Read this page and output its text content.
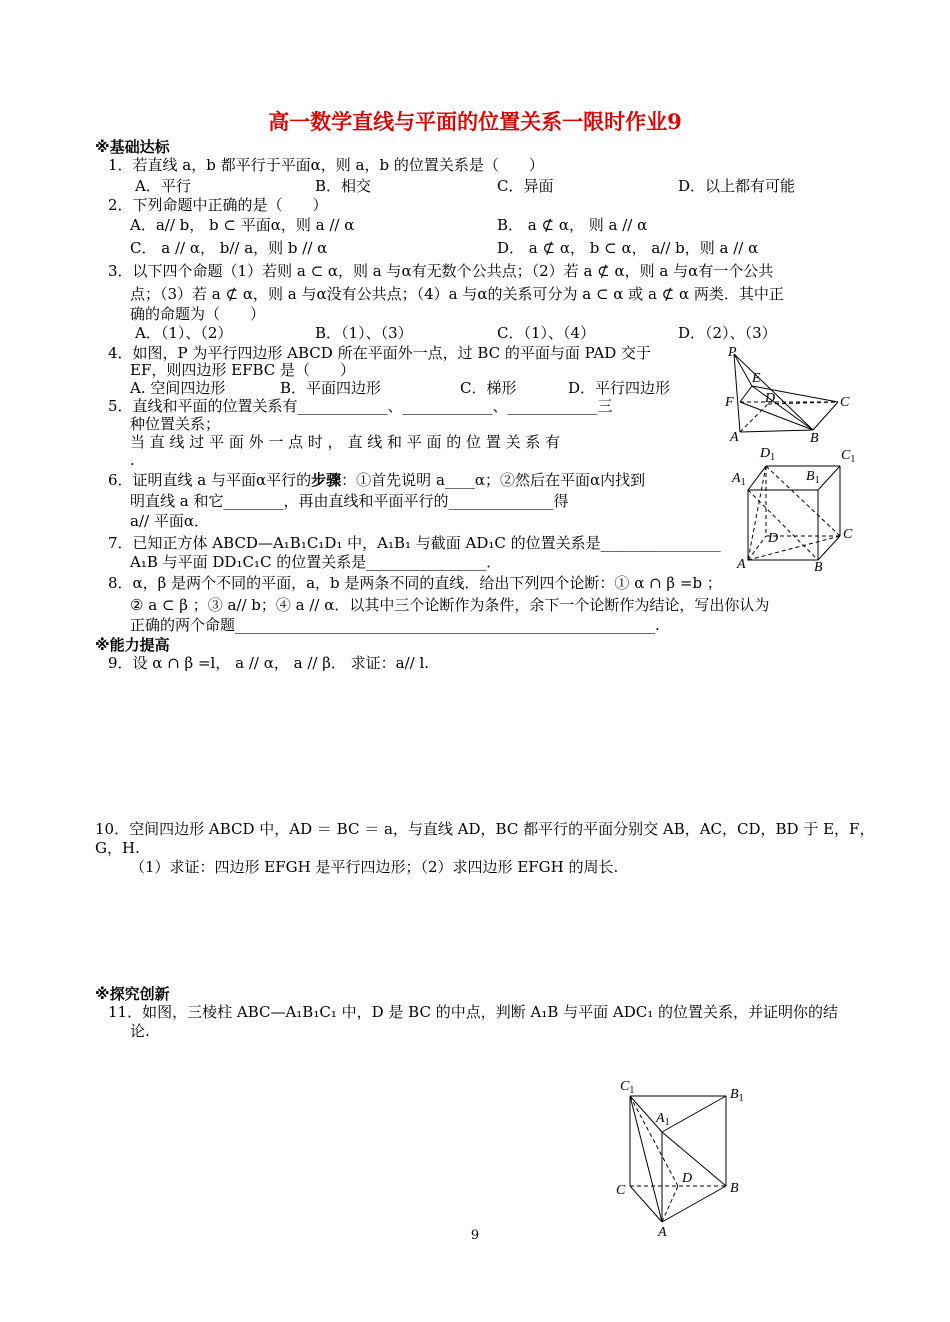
高一数学直线与平面的位置关系一限时作业9
※基础达标
1．若直线 a，b 都平行于平面α，则 a，b 的位置关系是（　　）
A．平行	B．相交	C．异面	D．以上都有可能
2．下列命题中正确的是（　　）
A．a// b， b ⊂ 平面α，则 a // α	B． a ⊄ α， 则 a // α
C． a // α， b// a，则 b // α	D． a ⊄ α， b ⊂ α， a// b，则 a // α
3．以下四个命题（1）若则 a ⊂ α，则 a 与α有无数个公共点；（2）若 a ⊄ α，则 a 与α有一个公共
点；（3）若 a ⊄ α，则 a 与α没有公共点；（4）a 与α的关系可分为 a ⊂ α 或 a ⊄ α 两类．其中正
确的命题为（　　）
A．（1）、（2）	B．（1）、（3）	C．（1）、（4）	D．（2）、（3）
4．如图，P 为平行四边形 ABCD 所在平面外一点，过 BC 的平面与面 PAD 交于
EF，则四边形 EFBC 是（　　）
A. 空间四边形	B．平面四边形	C．梯形	D．平行四边形
P
E
F D	C
A	B
5．直线和平面的位置关系有____________、____________、____________三
种位置关系；
当 直 线 过 平 面 外 一 点 时 ， 直 线 和 平 面 的 位 置 关 系 有
.	$D_1$	$C_1$
$B_1$
$A_1$
D	C
A	B
6．证明直线 a 与平面α平行的步骤：①首先说明 a____α；②然后在平面α内找到
明直线 a 和它________，再由直线和平面平行的______________得
a// 平面α．
7．已知正方体 ABCD—A₁B₁C₁D₁ 中，A₁B₁ 与截面 AD₁C 的位置关系是________________
A₁B 与平面 DD₁C₁C 的位置关系是________________．
8．α，β 是两个不同的平面，a，b 是两条不同的直线．给出下列四个论断：① α ∩ β =b ；
② a ⊂ β ；③ a// b；④ a // α．以其中三个论断作为条件，余下一个论断作为结论，写出你认为
正确的两个命题________________________________________________________.
※能力提高
9．设 α ∩ β =l， a // α， a // β． 求证：a// l.
10．空间四边形 ABCD 中，AD ＝ BC ＝ a，与直线 AD，BC 都平行的平面分别交 AB，AC，CD，BD 于 E，F，
G，H.
（1）求证：四边形 EFGH 是平行四边形；（2）求四边形 EFGH 的周长.
※探究创新
11．如图，三棱柱 ABC—A₁B₁C₁ 中，D 是 BC 的中点，判断 A₁B 与平面 ADC₁ 的位置关系，并证明你的结
论.
$C_1$	$B_1$
$A_1$
D
C	B
A
9
